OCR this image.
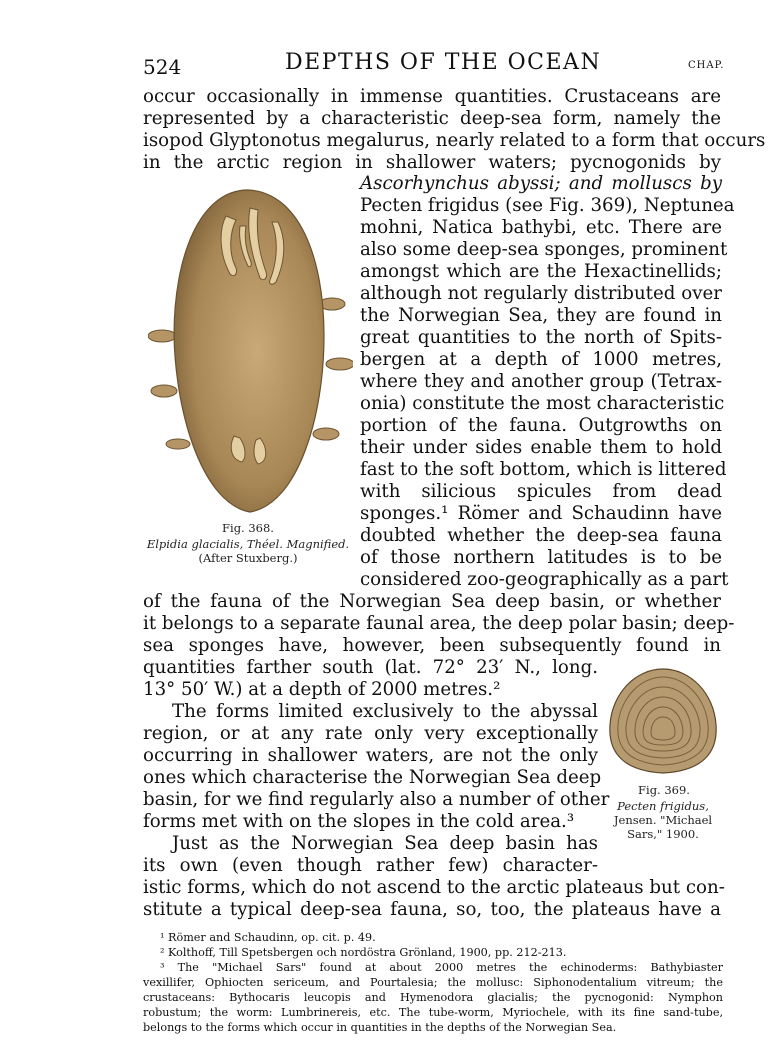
524	DEPTHS OF THE OCEAN	CHAP.
occur occasionally in immense quantities. Crustaceans are
represented by a characteristic deep-sea form, namely the
isopod Glyptonotus megalurus, nearly related to a form that occurs
in the arctic region in shallower waters; pycnogonids by
Fig. 368.
Elpidia glacialis, Théel. Magnified.
(After Stuxberg.)
Ascorhynchus abyssi; and molluscs by
Pecten frigidus (see Fig. 369), Neptunea
mohni, Natica bathybi, etc. There are
also some deep-sea sponges, prominent
amongst which are the Hexactinellids;
although not regularly distributed over
the Norwegian Sea, they are found in
great quantities to the north of Spits-
bergen at a depth of 1000 metres,
where they and another group (Tetrax-
onia) constitute the most characteristic
portion of the fauna. Outgrowths on
their under sides enable them to hold
fast to the soft bottom, which is littered
with silicious spicules from dead
sponges.¹ Römer and Schaudinn have
doubted whether the deep-sea fauna
of those northern latitudes is to be
considered zoo-geographically as a part
of the fauna of the Norwegian Sea deep basin, or whether
it belongs to a separate faunal area, the deep polar basin; deep-
sea sponges have, however, been subsequently found in
quantities farther south (lat. 72° 23′ N., long.
13° 50′ W.) at a depth of 2000 metres.²
The forms limited exclusively to the abyssal
region, or at any rate only very exceptionally
occurring in shallower waters, are not the only
ones which characterise the Norwegian Sea deep
basin, for we find regularly also a number of other
forms met with on the slopes in the cold area.³
Just as the Norwegian Sea deep basin has
its own (even though rather few) character-
istic forms, which do not ascend to the arctic plateaus but con-
stitute a typical deep-sea fauna, so, too, the plateaus have a
Fig. 369.
Pecten frigidus,
Jensen. "Michael
Sars," 1900.
¹ Römer and Schaudinn, op. cit. p. 49.
² Kolthoff, Till Spetsbergen och nordöstra Grönland, 1900, pp. 212-213.
³ The "Michael Sars" found at about 2000 metres the echinoderms: Bathybiaster
vexillifer, Ophiocten sericeum, and Pourtalesia; the mollusc: Siphonodentalium vitreum; the
crustaceans: Bythocaris leucopis and Hymenodora glacialis; the pycnogonid: Nymphon
robustum; the worm: Lumbrinereis, etc. The tube-worm, Myriochele, with its fine sand-tube,
belongs to the forms which occur in quantities in the depths of the Norwegian Sea.
